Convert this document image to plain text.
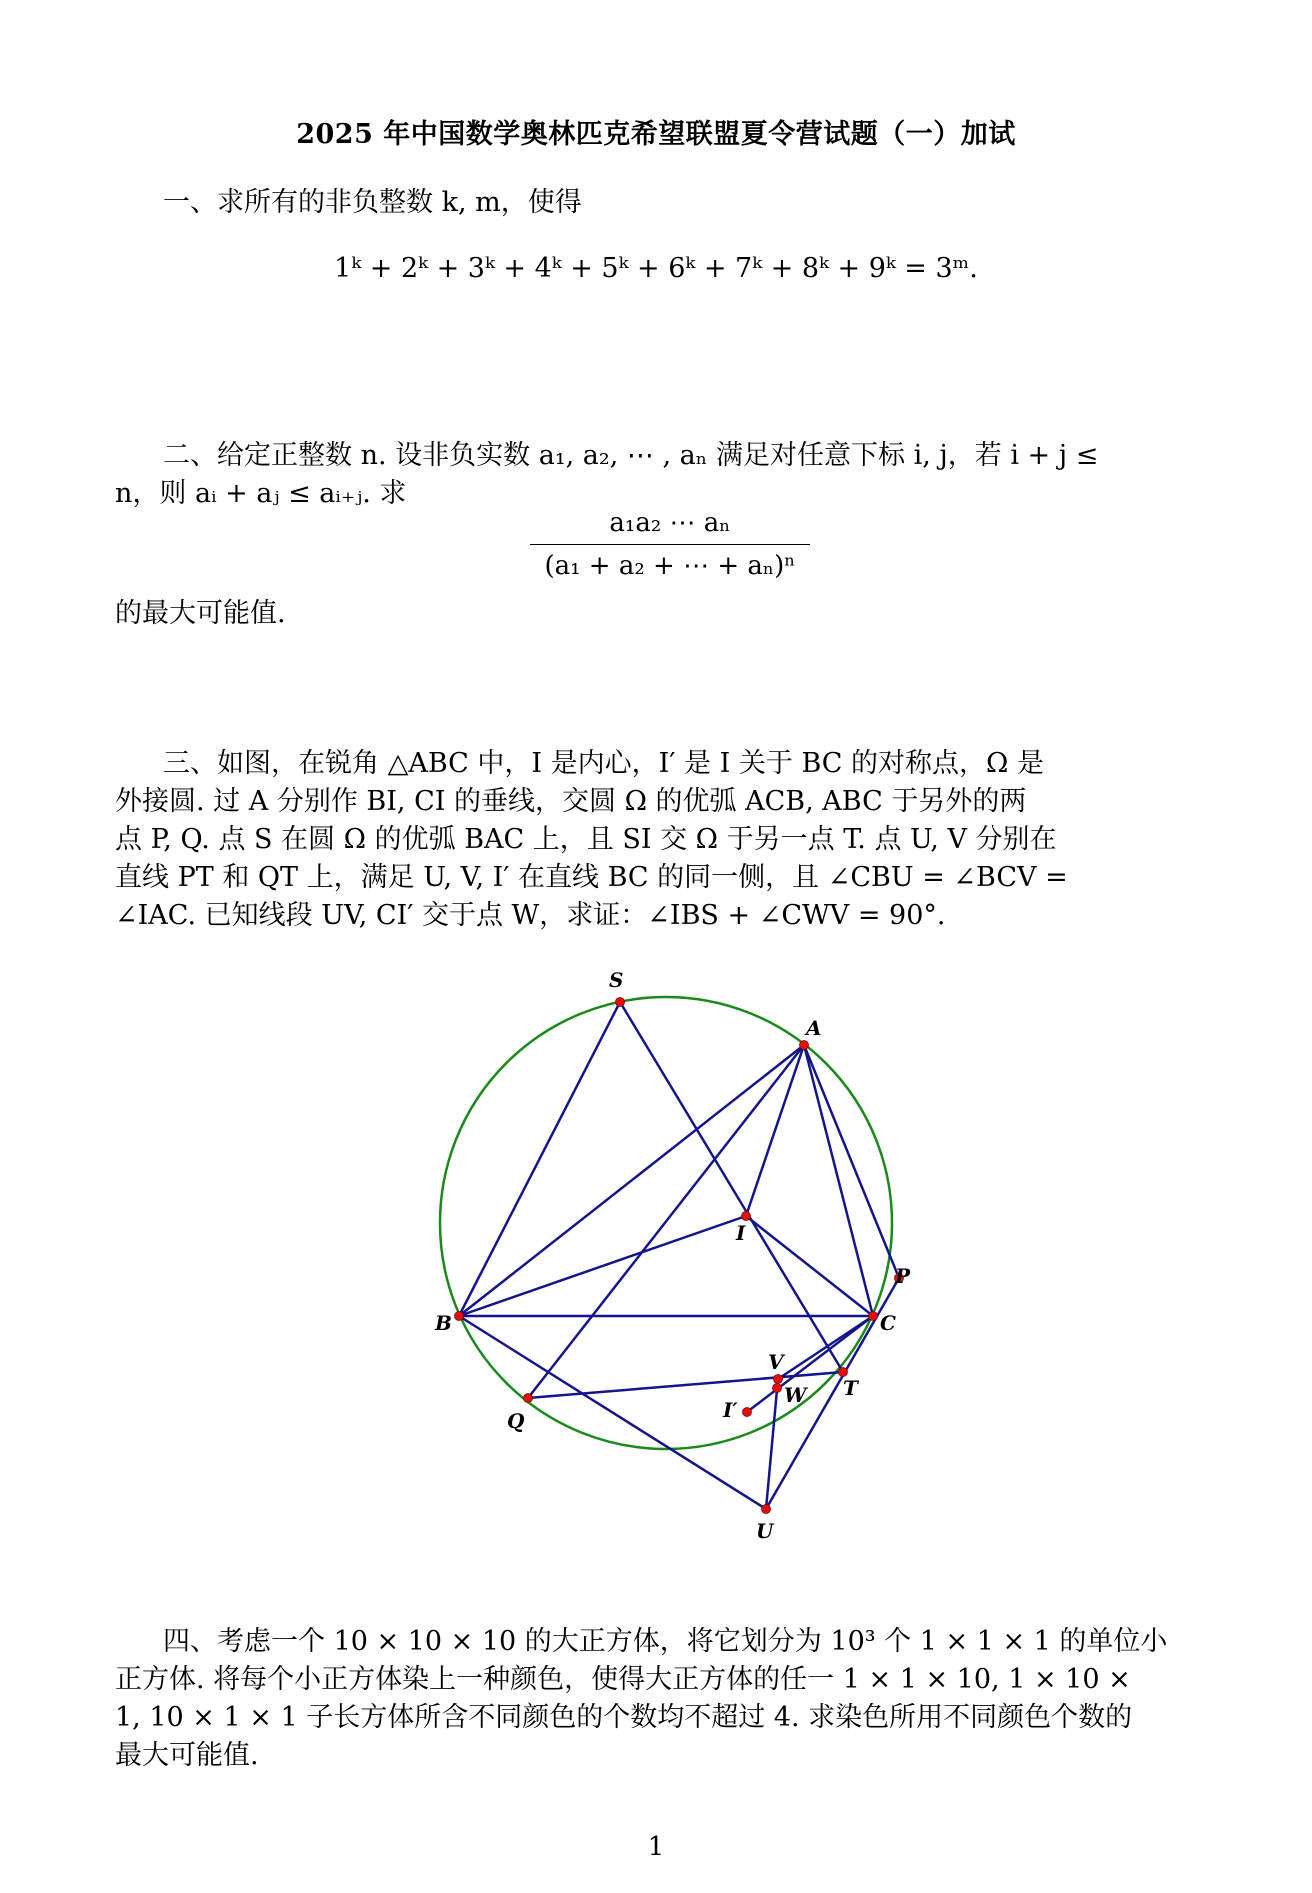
2025 年中国数学奥林匹克希望联盟夏令营试题（一）加试
一、求所有的非负整数 k, m，使得
1ᵏ + 2ᵏ + 3ᵏ + 4ᵏ + 5ᵏ + 6ᵏ + 7ᵏ + 8ᵏ + 9ᵏ = 3ᵐ.
二、给定正整数 n. 设非负实数 a₁, a₂, ⋯ , aₙ 满足对任意下标 i, j，若 i + j ≤
n，则 aᵢ + aⱼ ≤ aᵢ₊ⱼ. 求
a₁a₂ ⋯ aₙ
(a₁ + a₂ + ⋯ + aₙ)ⁿ
的最大可能值.
三、如图，在锐角 △ABC 中，I 是内心，I′ 是 I 关于 BC 的对称点，Ω 是
外接圆. 过 A 分别作 BI, CI 的垂线，交圆 Ω 的优弧 ACB, ABC 于另外的两
点 P, Q. 点 S 在圆 Ω 的优弧 BAC 上，且 SI 交 Ω 于另一点 T. 点 U, V 分别在
直线 PT 和 QT 上，满足 U, V, I′ 在直线 BC 的同一侧，且 ∠CBU = ∠BCV =
∠IAC. 已知线段 UV, CI′ 交于点 W，求证：∠IBS + ∠CWV = 90°.
S
A
I
P
B	C
V
W T
I′
Q
U
四、考虑一个 10 × 10 × 10 的大正方体，将它划分为 10³ 个 1 × 1 × 1 的单位小
正方体. 将每个小正方体染上一种颜色，使得大正方体的任一 1 × 1 × 10, 1 × 10 ×
1, 10 × 1 × 1 子长方体所含不同颜色的个数均不超过 4. 求染色所用不同颜色个数的
最大可能值.
1
